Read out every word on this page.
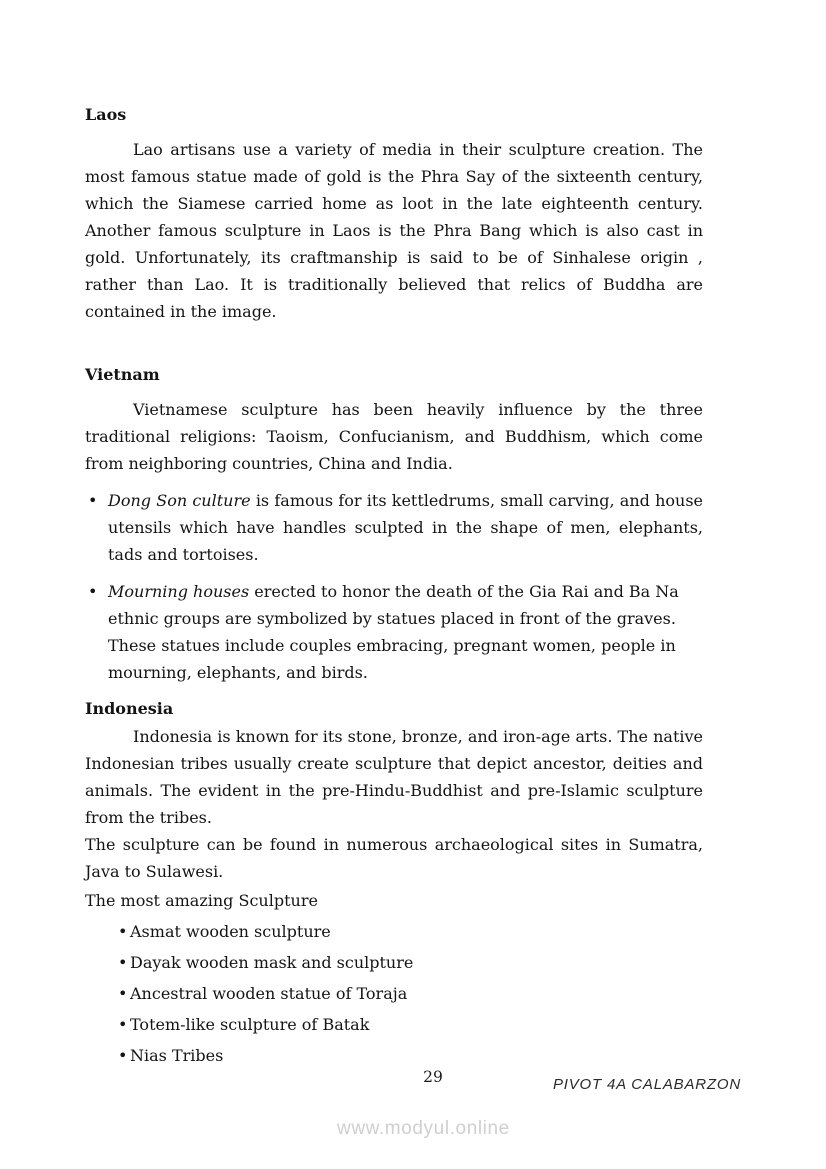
Laos

Lao artisans use a variety of media in their sculpture creation. The most famous statue made of gold is the Phra Say of the sixteenth century, which the Siamese carried home as loot in the late eighteenth century. Another famous sculpture in Laos is the Phra Bang which is also cast in gold. Unfortunately, its craftmanship is said to be of Sinhalese origin , rather than Lao. It is traditionally believed that relics of Buddha are contained in the image.

Vietnam

Vietnamese sculpture has been heavily influence by the three traditional religions: Taoism, Confucianism, and Buddhism, which come from neighboring countries, China and India.

•
Dong Son culture is famous for its kettledrums, small carving, and house utensils which have handles sculpted in the shape of men, elephants, tads and tortoises.
•
Mourning houses erected to honor the death of the Gia Rai and Ba Na ethnic groups are symbolized by statues placed in front of the graves. These statues include couples embracing, pregnant women, people in mourning, elephants, and birds.
Indonesia

Indonesia is known for its stone, bronze, and iron-age arts. The native Indonesian tribes usually create sculpture that depict ancestor, deities and animals. The evident in the pre-Hindu-Buddhist and pre-Islamic sculpture from the tribes.

The sculpture can be found in numerous archaeological sites in Sumatra, Java to Sulawesi.

The most amazing Sculpture

•
Asmat wooden sculpture
•
Dayak wooden mask and sculpture
•
Ancestral wooden statue of Toraja
•
Totem-like sculpture of Batak
•
Nias Tribes
29	PIVOT 4A CALABARZON
www.modyul.online
